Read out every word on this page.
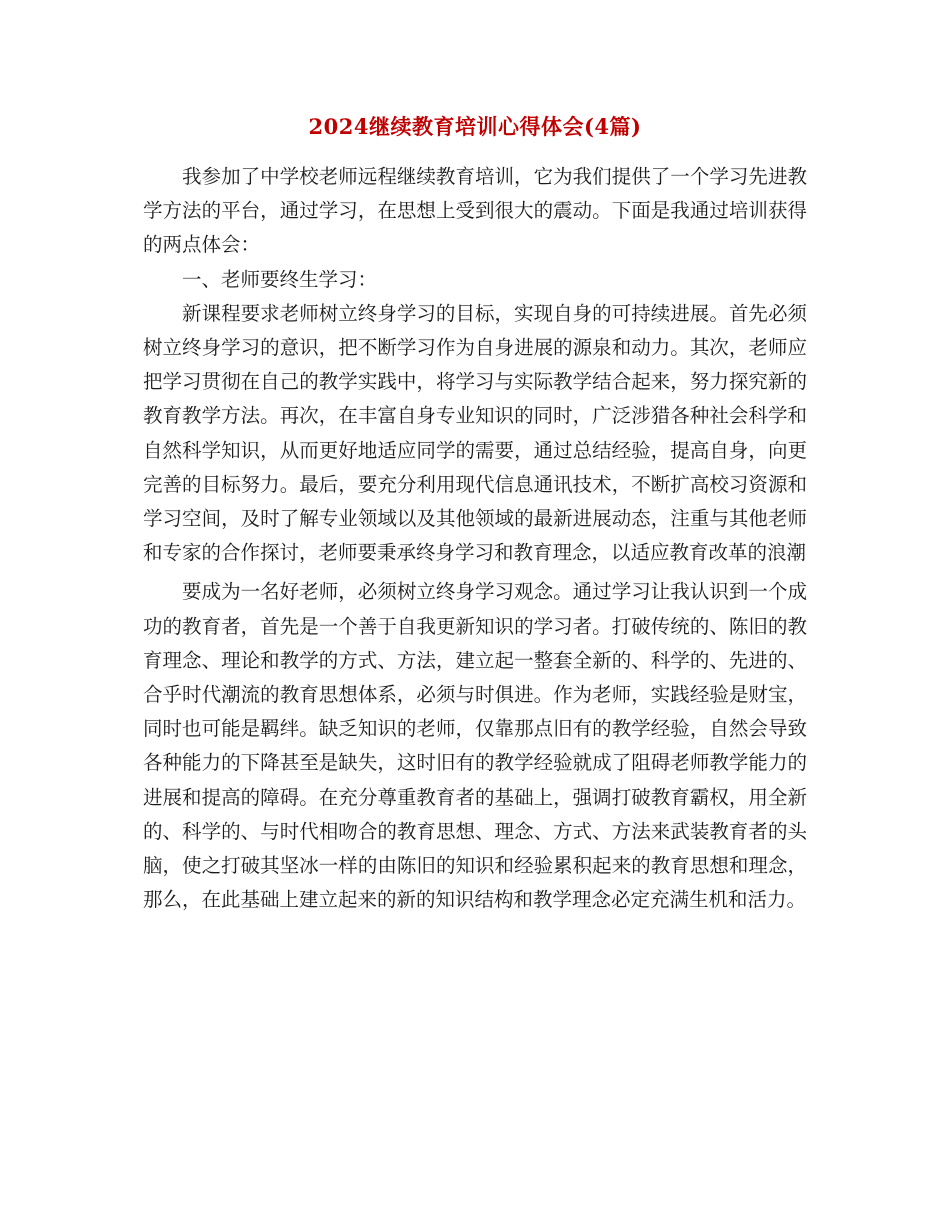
2024继续教育培训心得体会(4篇)

我参加了中学校老师远程继续教育培训，它为我们提供了一个学习先进教学方法的平台，通过学习，在思想上受到很大的震动。下面是我通过培训获得的两点体会：

一、老师要终生学习：

新课程要求老师树立终身学习的目标，实现自身的可持续进展。首先必须树立终身学习的意识，把不断学习作为自身进展的源泉和动力。其次，老师应把学习贯彻在自己的教学实践中，将学习与实际教学结合起来，努力探究新的教育教学方法。再次，在丰富自身专业知识的同时，广泛涉猎各种社会科学和自然科学知识，从而更好地适应同学的需要，通过总结经验，提高自身，向更完善的目标努力。最后，要充分利用现代信息通讯技术，不断扩高校习资源和学习空间，及时了解专业领域以及其他领域的最新进展动态，注重与其他老师和专家的合作探讨，老师要秉承终身学习和教育理念，以适应教育改革的浪潮

要成为一名好老师，必须树立终身学习观念。通过学习让我认识到一个成功的教育者，首先是一个善于自我更新知识的学习者。打破传统的、陈旧的教育理念、理论和教学的方式、方法，建立起一整套全新的、科学的、先进的、合乎时代潮流的教育思想体系，必须与时俱进。作为老师，实践经验是财宝，同时也可能是羁绊。缺乏知识的老师，仅靠那点旧有的教学经验，自然会导致各种能力的下降甚至是缺失，这时旧有的教学经验就成了阻碍老师教学能力的进展和提高的障碍。在充分尊重教育者的基础上，强调打破教育霸权，用全新的、科学的、与时代相吻合的教育思想、理念、方式、方法来武装教育者的头脑，使之打破其坚冰一样的由陈旧的知识和经验累积起来的教育思想和理念，那么，在此基础上建立起来的新的知识结构和教学理念必定充满生机和活力。
